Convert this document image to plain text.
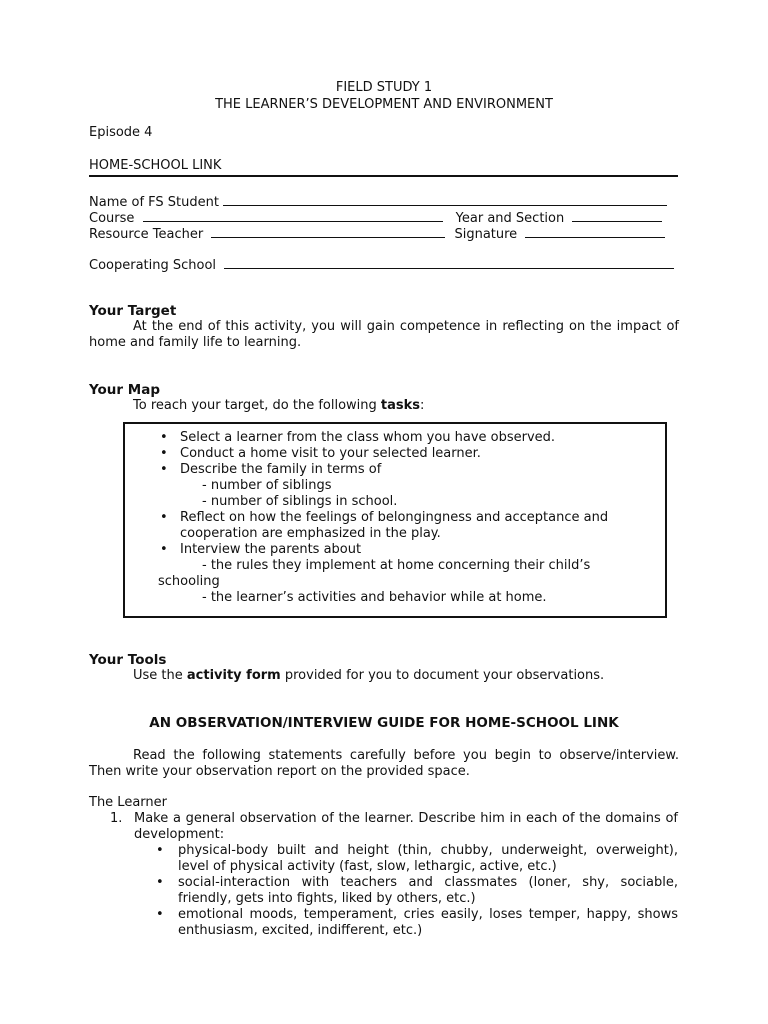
FIELD STUDY 1
THE LEARNER’S DEVELOPMENT AND ENVIRONMENT
Episode 4
HOME-SCHOOL LINK
Name of FS Student
Course	Year and Section
Resource Teacher	Signature
Cooperating School
Your Target
At the end of this activity, you will gain competence in reflecting on the impact of home and family life to learning.
Your Map
To reach your target, do the following tasks:
• Select a learner from the class whom you have observed.
• Conduct a home visit to your selected learner.
• Describe the family in terms of
- number of siblings
- number of siblings in school.
• Reflect on how the feelings of belongingness and acceptance and cooperation are emphasized in the play.
• Interview the parents about
- the rules they implement at home concerning their child’s
schooling
- the learner’s activities and behavior while at home.
Your Tools
Use the activity form provided for you to document your observations.
AN OBSERVATION/INTERVIEW GUIDE FOR HOME-SCHOOL LINK
Read the following statements carefully before you begin to observe/interview. Then write your observation report on the provided space.
The Learner
1. Make a general observation of the learner. Describe him in each of the domains of development:
• physical-body built and height (thin, chubby, underweight, overweight), level of physical activity (fast, slow, lethargic, active, etc.)
• social-interaction with teachers and classmates (loner, shy, sociable, friendly, gets into fights, liked by others, etc.)
• emotional moods, temperament, cries easily, loses temper, happy, shows enthusiasm, excited, indifferent, etc.)
